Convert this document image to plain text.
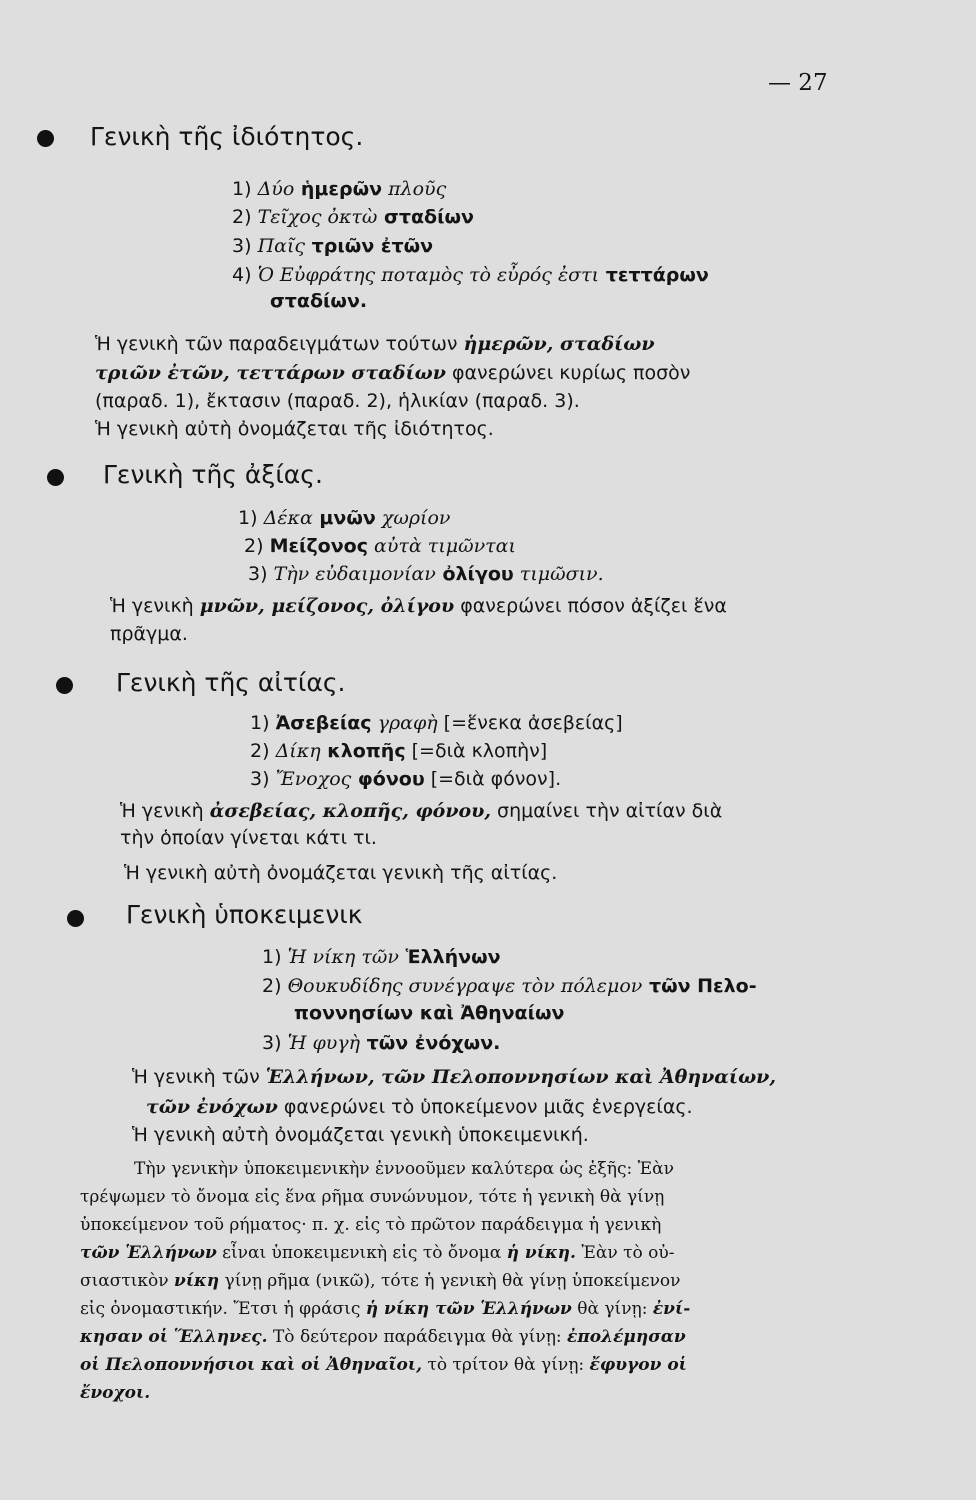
— 27
Γενικὴ τῆς ἰδιότητος.
1) Δύο ἡμερῶν πλοῦς
2) Τεῖχος ὀκτὼ σταδίων
3) Παῖς τριῶν ἐτῶν
4) Ὁ Εὐφράτης ποταμὸς τὸ εὖρός ἐστι τεττάρων
σταδίων.
Ἡ γενικὴ τῶν παραδειγμάτων τούτων ἡμερῶν, σταδίων
τριῶν ἐτῶν, τεττάρων σταδίων φανερώνει κυρίως ποσὸν
(παραδ. 1), ἔκτασιν (παραδ. 2), ἡλικίαν (παραδ. 3).
Ἡ γενικὴ αὐτὴ ὀνομάζεται τῆς ἰδιότητος.
Γενικὴ τῆς ἀξίας.
1) Δέκα μνῶν χωρίον
2) Μείζονος αὐτὰ τιμῶνται
3) Τὴν εὐδαιμονίαν ὀλίγου τιμῶσιν.
Ἡ γενικὴ μνῶν, μείζονος, ὀλίγου φανερώνει πόσον ἀξίζει ἕνα
πρᾶγμα.
Γενικὴ τῆς αἰτίας.
1) Ἀσεβείας γραφὴ [=ἕνεκα ἀσεβείας]
2) Δίκη κλοπῆς [=διὰ κλοπὴν]
3) Ἔνοχος φόνου [=διὰ φόνον].
Ἡ γενικὴ ἀσεβείας, κλοπῆς, φόνου, σημαίνει τὴν αἰτίαν διὰ
τὴν ὁποίαν γίνεται κάτι τι.
Ἡ γενικὴ αὐτὴ ὀνομάζεται γενικὴ τῆς αἰτίας.
Γενικὴ ὑποκειμενικ
1) Ἡ νίκη τῶν Ἑλλήνων
2) Θουκυδίδης συνέγραψε τὸν πόλεμον τῶν Πελο-
ποννησίων καὶ Ἀθηναίων
3) Ἡ φυγὴ τῶν ἐνόχων.
Ἡ γενικὴ τῶν Ἑλλήνων, τῶν Πελοποννησίων καὶ Ἀθηναίων,
τῶν ἐνόχων φανερώνει τὸ ὑποκείμενον μιᾶς ἐνεργείας.
Ἡ γενικὴ αὐτὴ ὀνομάζεται γενικὴ ὑποκειμενική.
Τὴν γενικὴν ὑποκειμενικὴν ἐννοοῦμεν καλύτερα ὡς ἑξῆς: Ἐὰν
τρέψωμεν τὸ ὄνομα εἰς ἕνα ρῆμα συνώνυμον, τότε ἡ γενικὴ θὰ γίνῃ
ὑποκείμενον τοῦ ρήματος· π. χ. εἰς τὸ πρῶτον παράδειγμα ἡ γενικὴ
τῶν Ἑλλήνων εἶναι ὑποκειμενικὴ εἰς τὸ ὄνομα ἡ νίκη. Ἐὰν τὸ οὐ-
σιαστικὸν νίκη γίνῃ ρῆμα (νικῶ), τότε ἡ γενικὴ θὰ γίνῃ ὑποκείμενον
εἰς ὀνομαστικήν. Ἔτσι ἡ φράσις ἡ νίκη τῶν Ἑλλήνων θὰ γίνῃ: ἐνί-
κησαν οἱ Ἕλληνες. Τὸ δεύτερον παράδειγμα θὰ γίνῃ: ἐπολέμησαν
οἱ Πελοποννήσιοι καὶ οἱ Ἀθηναῖοι, τὸ τρίτον θὰ γίνῃ: ἔφυγον οἱ
ἔνοχοι.
